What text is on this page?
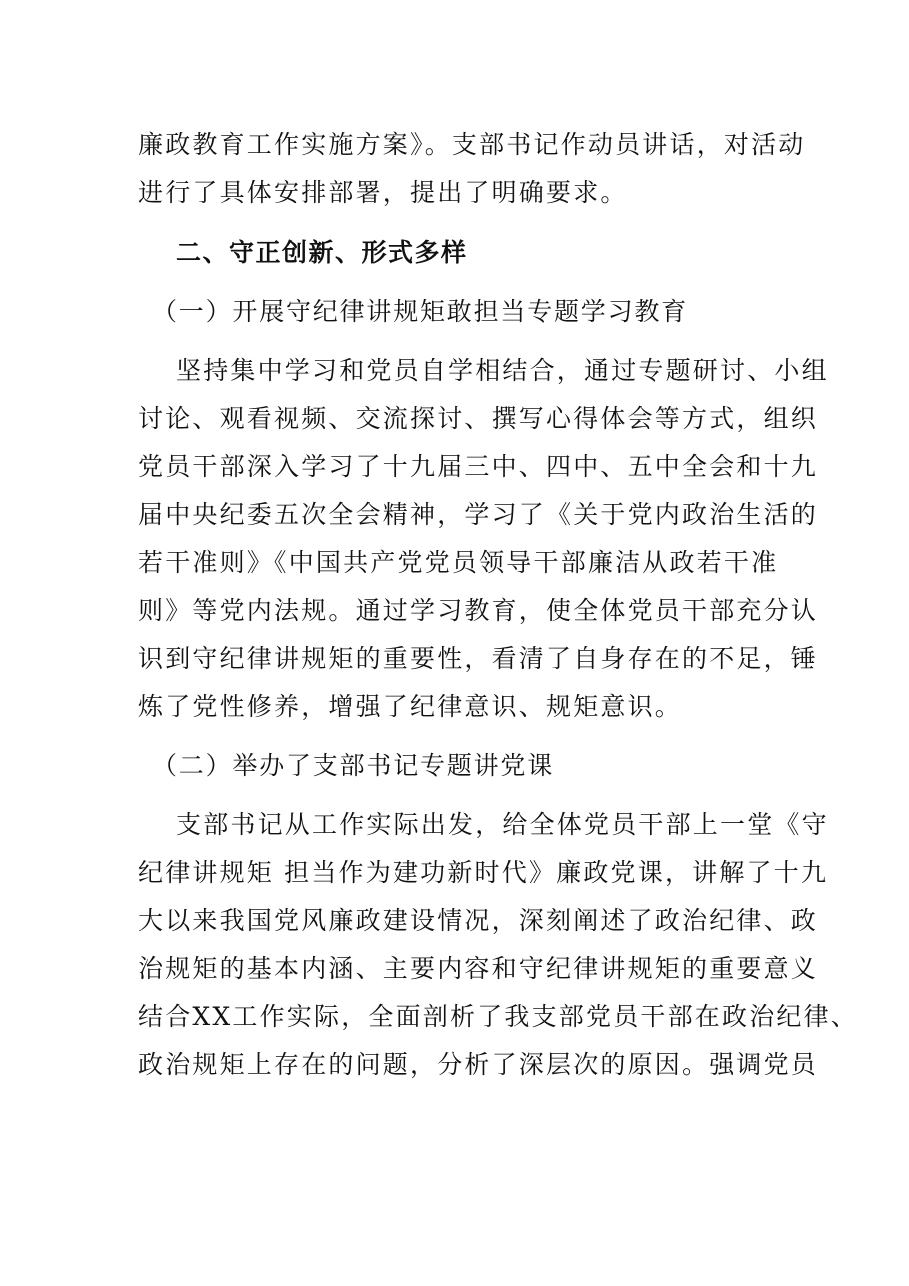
廉政教育工作实施方案》。支部书记作动员讲话，对活动
进行了具体安排部署，提出了明确要求。
二、守正创新、形式多样
（一）开展守纪律讲规矩敢担当专题学习教育
坚持集中学习和党员自学相结合，通过专题研讨、小组
讨论、观看视频、交流探讨、撰写心得体会等方式，组织
党员干部深入学习了十九届三中、四中、五中全会和十九
届中央纪委五次全会精神，学习了《关于党内政治生活的
若干准则》《中国共产党党员领导干部廉洁从政若干准
则》等党内法规。通过学习教育，使全体党员干部充分认
识到守纪律讲规矩的重要性，看清了自身存在的不足，锤
炼了党性修养，增强了纪律意识、规矩意识。
（二）举办了支部书记专题讲党课
支部书记从工作实际出发，给全体党员干部上一堂《守
纪律讲规矩 担当作为建功新时代》廉政党课，讲解了十九
大以来我国党风廉政建设情况，深刻阐述了政治纪律、政
治规矩的基本内涵、主要内容和守纪律讲规矩的重要意义
结合XX工作实际，全面剖析了我支部党员干部在政治纪律、
政治规矩上存在的问题，分析了深层次的原因。强调党员
